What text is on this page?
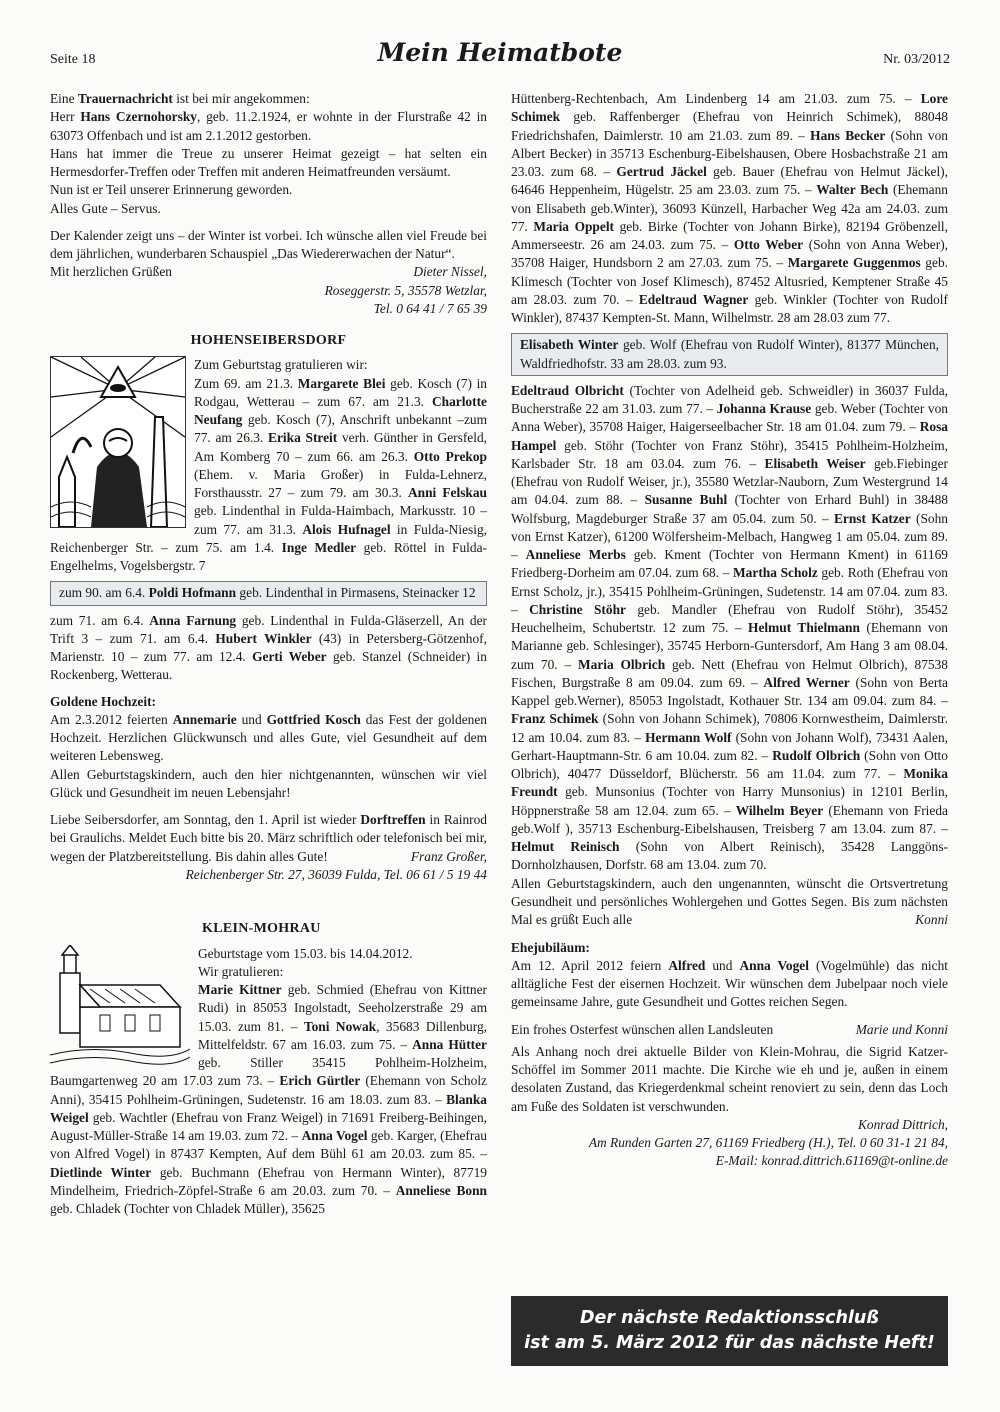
Seite 18	Mein Heimatbote	Nr. 03/2012

Eine Trauernachricht ist bei mir angekommen:

Herr Hans Czernohorsky, geb. 11.2.1924, er wohnte in der Flurstraße 42 in 63073 Offenbach und ist am 2.1.2012 gestorben.

Hans hat immer die Treue zu unserer Heimat gezeigt – hat selten ein Hermesdorfer-Treffen oder Treffen mit anderen Heimatfreunden versäumt.

Nun ist er Teil unserer Erinnerung geworden.

Alles Gute – Servus.

Der Kalender zeigt uns – der Winter ist vorbei. Ich wünsche allen viel Freude bei dem jährlichen, wunderbaren Schauspiel „Das Wiedererwachen der Natur“.

Mit herzlichen Grüßen	Dieter Nissel,

Roseggerstr. 5, 35578 Wetzlar,

Tel. 0 64 41 / 7 65 39

HOHENSEIBERSDORF

Zum Geburtstag gratulieren wir:

Zum 69. am 21.3. Margarete Blei geb. Kosch (7) in Rodgau, Wetterau – zum 67. am 21.3. Charlotte Neufang geb. Kosch (7), Anschrift unbekannt –zum 77. am 26.3. Erika Streit verh. Günther in Gersfeld, Am Komberg 70 – zum 66. am 26.3. Otto Prekop (Ehem. v. Maria Großer) in Fulda-Lehnerz, Forsthausstr. 27 – zum 79. am 30.3. Anni Felskau geb. Lindenthal in Fulda-Haimbach, Markusstr. 10 – zum 77. am 31.3. Alois Hufnagel in Fulda-Niesig, Reichenberger Str. – zum 75. am 1.4. Inge Medler geb. Röttel in Fulda-Engelhelms, Vogelsbergstr. 7

zum 90. am 6.4. Poldi Hofmann geb. Lindenthal in Pirmasens, Steinacker 12

zum 71. am 6.4. Anna Farnung geb. Lindenthal in Fulda-Gläserzell, An der Trift 3 – zum 71. am 6.4. Hubert Winkler (43) in Petersberg-Götzenhof, Marienstr. 10 – zum 77. am 12.4. Gerti Weber geb. Stanzel (Schneider) in Rockenberg, Wetterau.

Goldene Hochzeit:

Am 2.3.2012 feierten Annemarie und Gottfried Kosch das Fest der goldenen Hochzeit. Herzlichen Glückwunsch und alles Gute, viel Gesundheit auf dem weiteren Lebensweg.

Allen Geburtstagskindern, auch den hier nichtgenannten, wünschen wir viel Glück und Gesundheit im neuen Lebensjahr!

Liebe Seibersdorfer, am Sonntag, den 1. April ist wieder Dorftreffen in Rainrod bei Graulichs. Meldet Euch bitte bis 20. März schriftlich oder telefonisch bei mir, wegen der Platzbereitstellung. Bis dahin alles Gute!	Franz Großer,

Reichenberger Str. 27, 36039 Fulda, Tel. 06 61 / 5 19 44

KLEIN-MOHRAU

Geburtstage vom 15.03. bis 14.04.2012.

Wir gratulieren:

Marie Kittner geb. Schmied (Ehefrau von Kittner Rudi) in 85053 Ingolstadt, Seeholzerstraße 29 am 15.03. zum 81. – Toni Nowak, 35683 Dillenburg, Mittelfeldstr. 67 am 16.03. zum 75. – Anna Hütter geb. Stiller 35415 Pohlheim-Holzheim, Baumgartenweg 20 am 17.03 zum 73. – Erich Gürtler (Ehemann von Scholz Anni), 35415 Pohlheim-Grüningen, Sudetenstr. 16 am 18.03. zum 83. – Blanka Weigel geb. Wachtler (Ehefrau von Franz Weigel) in 71691 Freiberg-Beihingen, August-Müller-Straße 14 am 19.03. zum 72. – Anna Vogel geb. Karger, (Ehefrau von Alfred Vogel) in 87437 Kempten, Auf dem Bühl 61 am 20.03. zum 85. – Dietlinde Winter geb. Buchmann (Ehefrau von Hermann Winter), 87719 Mindelheim, Friedrich-Zöpfel-Straße 6 am 20.03. zum 70. – Anneliese Bonn geb. Chladek (Tochter von Chladek Müller), 35625

Hüttenberg-Rechtenbach, Am Lindenberg 14 am 21.03. zum 75. – Lore Schimek geb. Raffenberger (Ehefrau von Heinrich Schimek), 88048 Friedrichshafen, Daimlerstr. 10 am 21.03. zum 89. – Hans Becker (Sohn von Albert Becker) in 35713 Eschenburg-Eibelshausen, Obere Hosbachstraße 21 am 23.03. zum 68. – Gertrud Jäckel geb. Bauer (Ehefrau von Helmut Jäckel), 64646 Heppenheim, Hügelstr. 25 am 23.03. zum 75. – Walter Bech (Ehemann von Elisabeth geb.Winter), 36093 Künzell, Harbacher Weg 42a am 24.03. zum 77. Maria Oppelt geb. Birke (Tochter von Johann Birke), 82194 Gröbenzell, Ammerseestr. 26 am 24.03. zum 75. – Otto Weber (Sohn von Anna Weber), 35708 Haiger, Hundsborn 2 am 27.03. zum 75. – Margarete Guggenmos geb. Klimesch (Tochter von Josef Klimesch), 87452 Altusried, Kemptener Straße 45 am 28.03. zum 70. – Edeltraud Wagner geb. Winkler (Tochter von Rudolf Winkler), 87437 Kempten-St. Mann, Wilhelmstr. 28 am 28.03 zum 77.

Elisabeth Winter geb. Wolf (Ehefrau von Rudolf Winter), 81377 München, Waldfriedhofstr. 33 am 28.03. zum 93.

Edeltraud Olbricht (Tochter von Adelheid geb. Schweidler) in 36037 Fulda, Bucherstraße 22 am 31.03. zum 77. – Johanna Krause geb. Weber (Tochter von Anna Weber), 35708 Haiger, Haigerseelbacher Str. 18 am 01.04. zum 79. – Rosa Hampel geb. Stöhr (Tochter von Franz Stöhr), 35415 Pohlheim-Holzheim, Karlsbader Str. 18 am 03.04. zum 76. – Elisabeth Weiser geb.Fiebinger (Ehefrau von Rudolf Weiser, jr.), 35580 Wetzlar-Nauborn, Zum Westergrund 14 am 04.04. zum 88. – Susanne Buhl (Tochter von Erhard Buhl) in 38488 Wolfsburg, Magdeburger Straße 37 am 05.04. zum 50. – Ernst Katzer (Sohn von Ernst Katzer), 61200 Wölfersheim-Melbach, Hangweg 1 am 05.04. zum 89. – Anneliese Merbs geb. Kment (Tochter von Hermann Kment) in 61169 Friedberg-Dorheim am 07.04. zum 68. – Martha Scholz geb. Roth (Ehefrau von Ernst Scholz, jr.), 35415 Pohlheim-Grüningen, Sudetenstr. 14 am 07.04. zum 83. – Christine Stöhr geb. Mandler (Ehefrau von Rudolf Stöhr), 35452 Heuchelheim, Schubertstr. 12 zum 75. – Helmut Thielmann (Ehemann von Marianne geb. Schlesinger), 35745 Herborn-Guntersdorf, Am Hang 3 am 08.04. zum 70. – Maria Olbrich geb. Nett (Ehefrau von Helmut Olbrich), 87538 Fischen, Burgstraße 8 am 09.04. zum 69. – Alfred Werner (Sohn von Berta Kappel geb.Werner), 85053 Ingolstadt, Kothauer Str. 134 am 09.04. zum 84. – Franz Schimek (Sohn von Johann Schimek), 70806 Kornwestheim, Daimlerstr. 12 am 10.04. zum 83. – Hermann Wolf (Sohn von Johann Wolf), 73431 Aalen, Gerhart-Hauptmann-Str. 6 am 10.04. zum 82. – Rudolf Olbrich (Sohn von Otto Olbrich), 40477 Düsseldorf, Blücherstr. 56 am 11.04. zum 77. – Monika Freundt geb. Munsonius (Tochter von Harry Munsonius) in 12101 Berlin, Höppnerstraße 58 am 12.04. zum 65. – Wilhelm Beyer (Ehemann von Frieda geb.Wolf ), 35713 Eschenburg-Eibelshausen, Treisberg 7 am 13.04. zum 87. – Helmut Reinisch (Sohn von Albert Reinisch), 35428 Langgöns-Dornholzhausen, Dorfstr. 68 am 13.04. zum 70.

Allen Geburtstagskindern, auch den ungenannten, wünscht die Ortsvertretung Gesundheit und persönliches Wohlergehen und Gottes Segen. Bis zum nächsten Mal es grüßt Euch alle	Konni

Ehejubiläum:

Am 12. April 2012 feiern Alfred und Anna Vogel (Vogelmühle) das nicht alltägliche Fest der eisernen Hochzeit. Wir wünschen dem Jubelpaar noch viele gemeinsame Jahre, gute Gesundheit und Gottes reichen Segen.

Ein frohes Osterfest wünschen allen Landsleuten	Marie und Konni

Als Anhang noch drei aktuelle Bilder von Klein-Mohrau, die Sigrid Katzer-Schöffel im Sommer 2011 machte. Die Kirche wie eh und je, außen in einem desolaten Zustand, das Kriegerdenkmal scheint renoviert zu sein, denn das Loch am Fuße des Soldaten ist verschwunden.

Konrad Dittrich,

Am Runden Garten 27, 61169 Friedberg (H.), Tel. 0 60 31-1 21 84,

E-Mail: konrad.dittrich.61169@t-online.de

Der nächste Redaktionsschluß
ist am 5. März 2012 für das nächste Heft!
